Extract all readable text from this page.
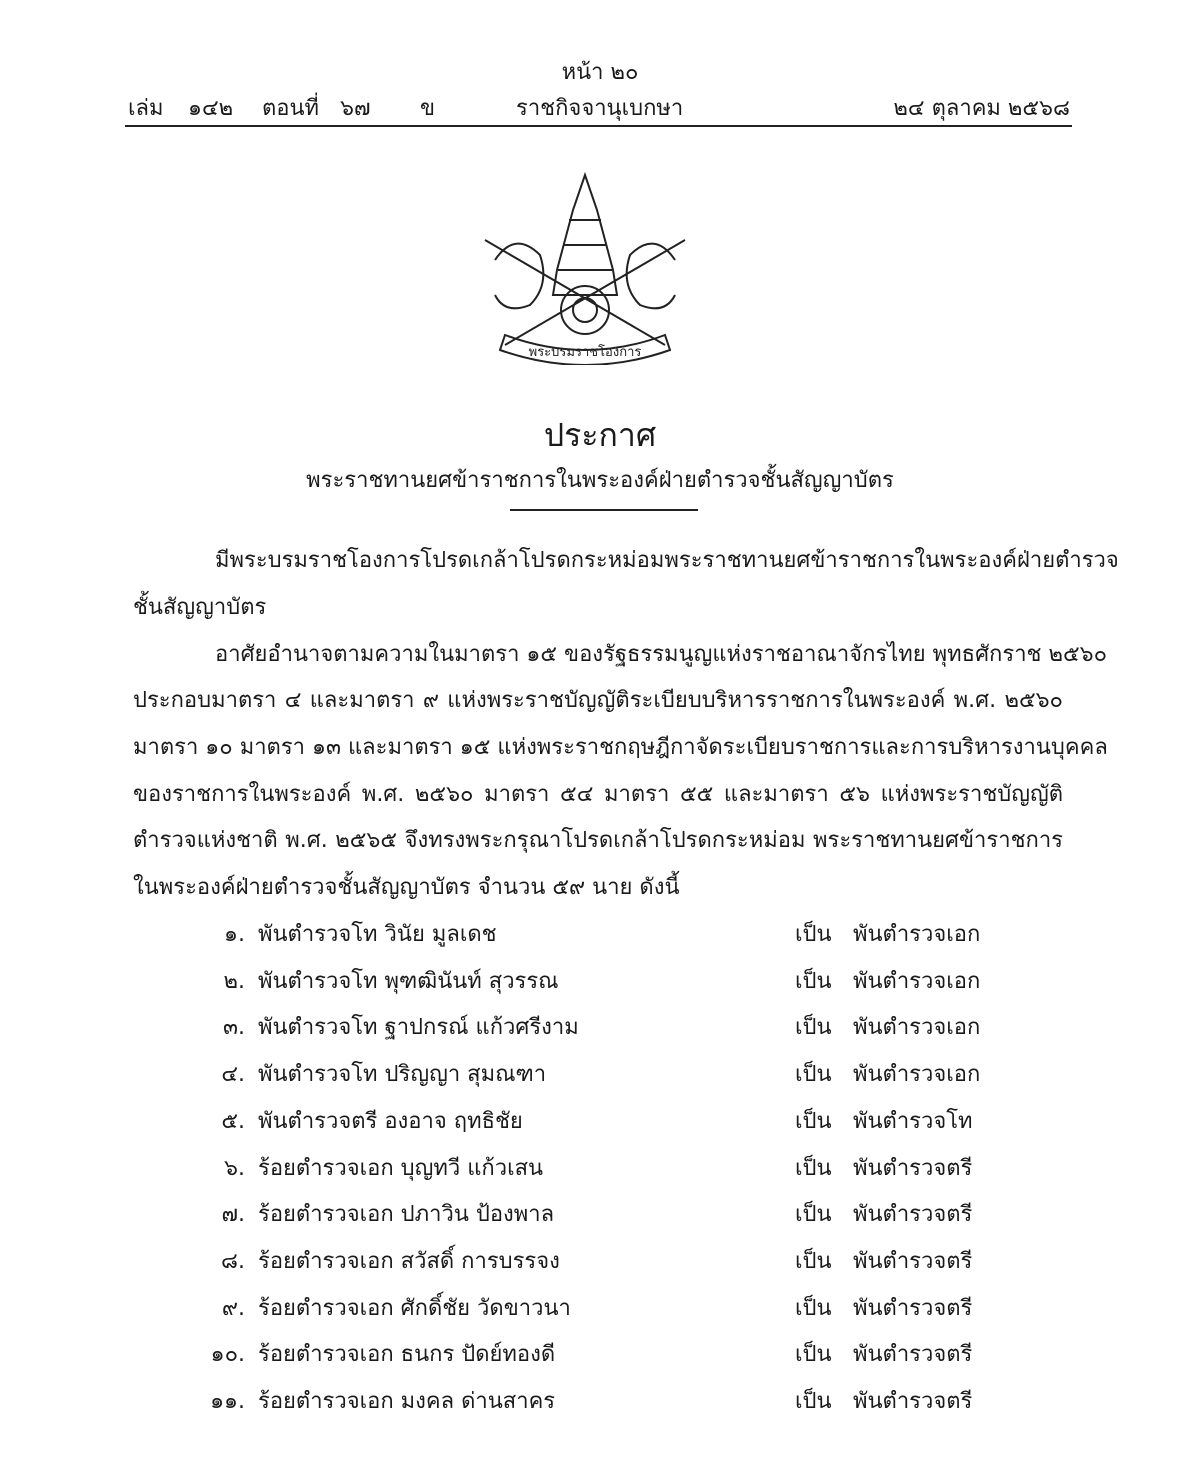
หน้า ๒๐
เล่ม ๑๔๒ ตอนที่ ๖๗ ข	ราชกิจจานุเบกษา	๒๔ ตุลาคม ๒๕๖๘
พระบรมราชโองการ
ประกาศ
พระราชทานยศข้าราชการในพระองค์ฝ่ายตำรวจชั้นสัญญาบัตร
มีพระบรมราชโองการโปรดเกล้าโปรดกระหม่อมพระราชทานยศข้าราชการในพระองค์ฝ่ายตำรวจ
ชั้นสัญญาบัตร
อาศัยอำนาจตามความในมาตรา ๑๕ ของรัฐธรรมนูญแห่งราชอาณาจักรไทย พุทธศักราช ๒๕๖๐
ประกอบมาตรา ๔ และมาตรา ๙ แห่งพระราชบัญญัติระเบียบบริหารราชการในพระองค์ พ.ศ. ๒๕๖๐
มาตรา ๑๐ มาตรา ๑๓ และมาตรา ๑๕ แห่งพระราชกฤษฎีกาจัดระเบียบราชการและการบริหารงานบุคคล
ของราชการในพระองค์ พ.ศ. ๒๕๖๐ มาตรา ๕๔ มาตรา ๕๕ และมาตรา ๕๖ แห่งพระราชบัญญัติ
ตำรวจแห่งชาติ พ.ศ. ๒๕๖๕ จึงทรงพระกรุณาโปรดเกล้าโปรดกระหม่อม พระราชทานยศข้าราชการ
ในพระองค์ฝ่ายตำรวจชั้นสัญญาบัตร จำนวน ๕๙ นาย ดังนี้
๑. พันตำรวจโท วินัย มูลเดช	เป็น พันตำรวจเอก
๒. พันตำรวจโท พุฑฒินันท์ สุวรรณ	เป็น พันตำรวจเอก
๓. พันตำรวจโท ฐาปกรณ์ แก้วศรีงาม	เป็น พันตำรวจเอก
๔. พันตำรวจโท ปริญญา สุมณฑา	เป็น พันตำรวจเอก
๕. พันตำรวจตรี องอาจ ฤทธิชัย	เป็น พันตำรวจโท
๖. ร้อยตำรวจเอก บุญทวี แก้วเสน	เป็น พันตำรวจตรี
๗. ร้อยตำรวจเอก ปภาวิน ป้องพาล	เป็น พันตำรวจตรี
๘. ร้อยตำรวจเอก สวัสดิ์ การบรรจง	เป็น พันตำรวจตรี
๙. ร้อยตำรวจเอก ศักดิ์ชัย วัดขาวนา	เป็น พันตำรวจตรี
๑๐. ร้อยตำรวจเอก ธนกร ปัดย์ทองดี	เป็น พันตำรวจตรี
๑๑. ร้อยตำรวจเอก มงคล ด่านสาคร	เป็น พันตำรวจตรี
